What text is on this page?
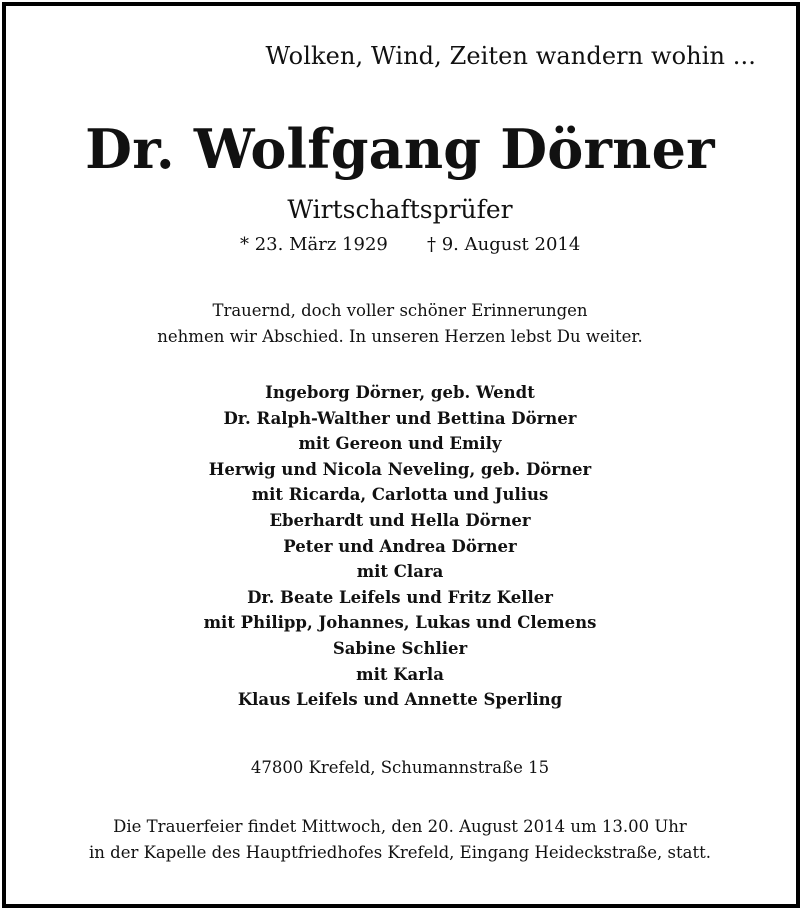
Wolken, Wind, Zeiten wandern wohin ...
Dr. Wolfgang Dörner
Wirtschaftsprüfer
* 23. März 1929 † 9. August 2014
Trauernd, doch voller schöner Erinnerungen
nehmen wir Abschied. In unseren Herzen lebst Du weiter.
Ingeborg Dörner, geb. Wendt
Dr. Ralph-Walther und Bettina Dörner
mit Gereon und Emily
Herwig und Nicola Neveling, geb. Dörner
mit Ricarda, Carlotta und Julius
Eberhardt und Hella Dörner
Peter und Andrea Dörner
mit Clara
Dr. Beate Leifels und Fritz Keller
mit Philipp, Johannes, Lukas und Clemens
Sabine Schlier
mit Karla
Klaus Leifels und Annette Sperling
47800 Krefeld, Schumannstraße 15
Die Trauerfeier findet Mittwoch, den 20. August 2014 um 13.00 Uhr
in der Kapelle des Hauptfriedhofes Krefeld, Eingang Heideckstraße, statt.
